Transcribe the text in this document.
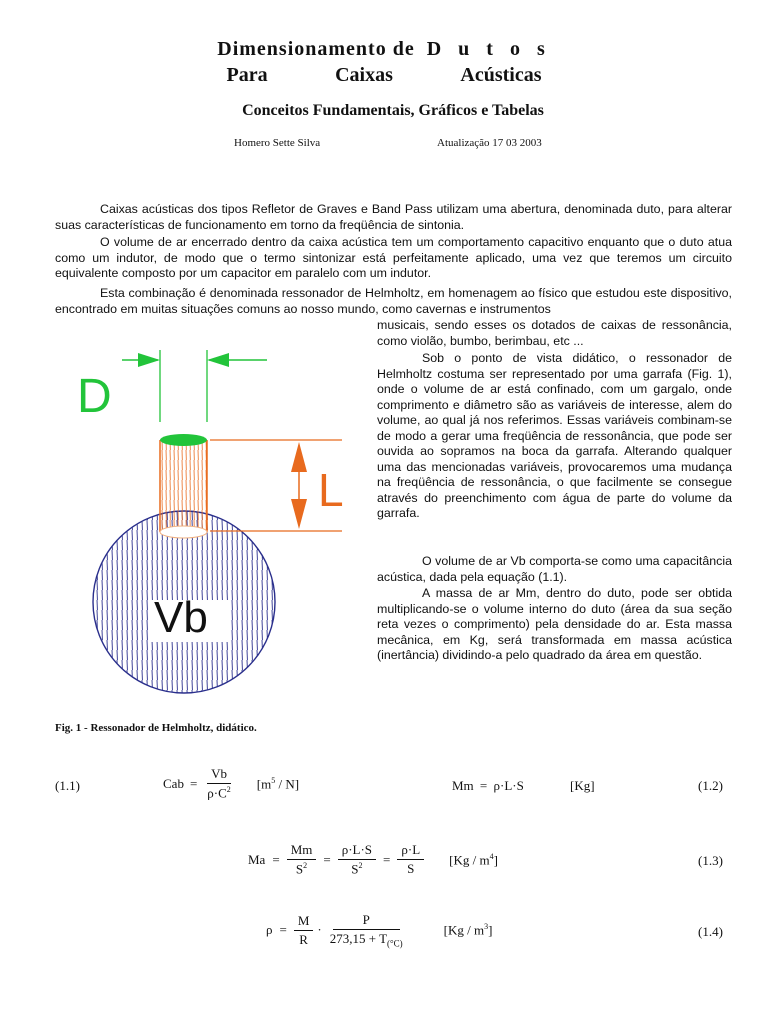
Dimensionamento de D u t o s
Para	Caixas	Acústicas
Conceitos Fundamentais, Gráficos e Tabelas
Homero Sette Silva	Atualização 17 03 2003
Caixas acústicas dos tipos Refletor de Graves e Band Pass utilizam uma abertura, denominada duto, para alterar suas características de funcionamento em torno da freqüência de sintonia.
O volume de ar encerrado dentro da caixa acústica tem um comportamento capacitivo enquanto que o duto atua como um indutor, de modo que o termo sintonizar está perfeitamente aplicado, uma vez que teremos um circuito equivalente composto por um capacitor em paralelo com um indutor.
Esta combinação é denominada ressonador de Helmholtz, em homenagem ao físico que estudou este dispositivo, encontrado em muitas situações comuns ao nosso mundo, como cavernas e instrumentos
musicais, sendo esses os dotados de caixas de ressonância, como violão, bumbo, berimbau, etc ...
Sob o ponto de vista didático, o ressonador de Helmholtz costuma ser representado por uma garrafa (Fig. 1), onde o volume de ar está confinado, com um gargalo, onde comprimento e diâmetro são as variáveis de interesse, alem do volume, ao qual já nos referimos. Essas variáveis combinam-se de modo a gerar uma freqüência de ressonância, que pode ser ouvida ao sopramos na boca da garrafa. Alterando qualquer uma das mencionadas variáveis, provocaremos uma mudança na freqüência de ressonância, o que facilmente se consegue através do preenchimento com água de parte do volume da garrafa.
O volume de ar Vb comporta-se como uma capacitância acústica, dada pela equação (1.1).
A massa de ar Mm, dentro do duto, pode ser obtida multiplicando-se o volume interno do duto (área da sua seção reta vezes o comprimento) pela densidade do ar. Esta massa mecânica, em Kg, será transformada em massa acústica (inertância) dividindo-a pelo quadrado da área em questão.
D
Vb
L
Fig. 1 - Ressonador de Helmholtz, didático.
(1.1)	Cab = $\frac{Vb}{\rho\cdot C^2} [m^5 / N]$	Mm = ρ·L·S	[Kg]	(1.2)
$Ma = \frac{Mm}{S^2} = \frac{\rho\cdot L\cdot S}{S^2} = \frac{\rho\cdot L}{S} [Kg / m^4]$	(1.3)
$\rho = \frac{M}{R} \cdot \frac{P}{273,15 + T_{(^\circ C)}}$	$[Kg / m^3]$	(1.4)
